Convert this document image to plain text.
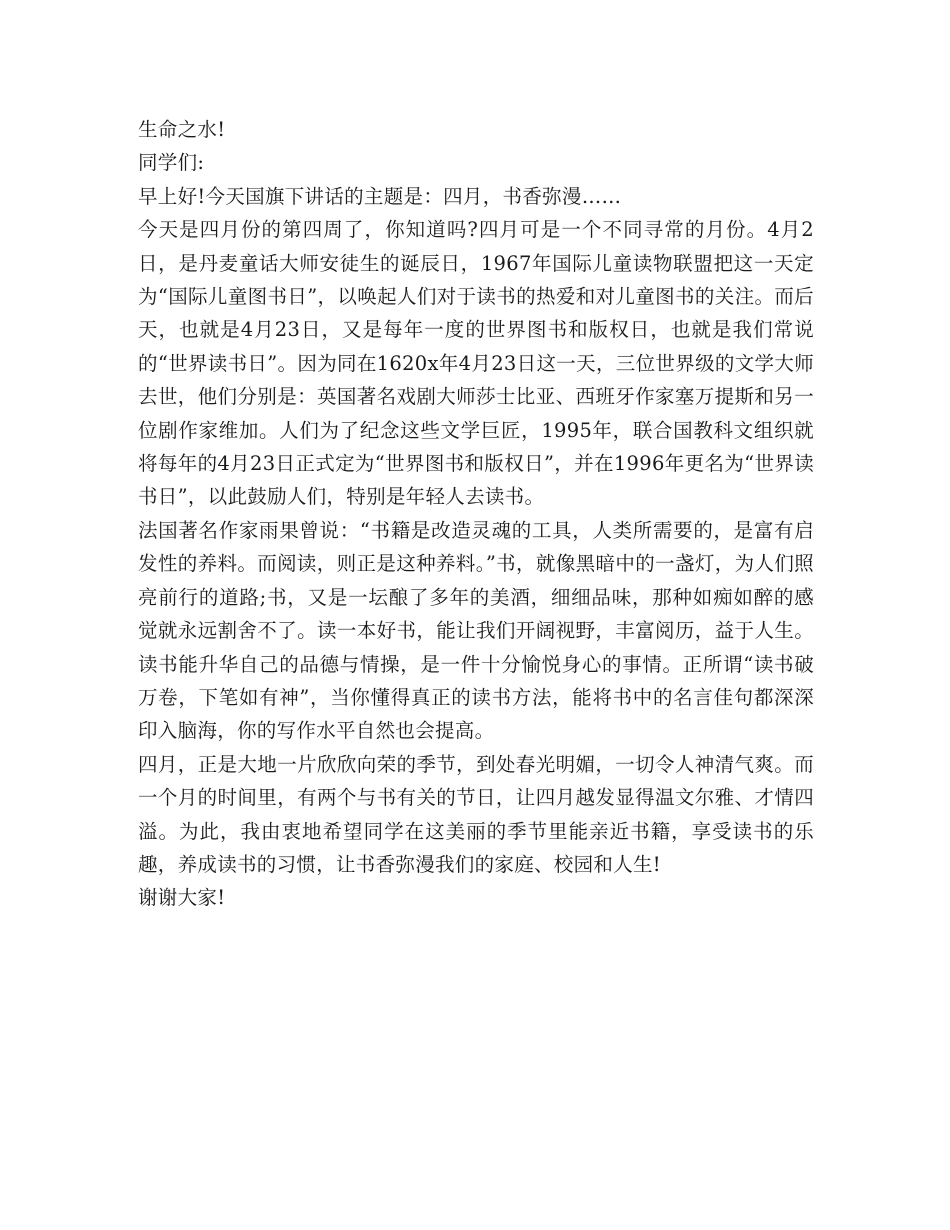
生命之水!

同学们:

早上好!今天国旗下讲话的主题是：四月，书香弥漫……

今天是四月份的第四周了，你知道吗?四月可是一个不同寻常的月份。4月2日，是丹麦童话大师安徒生的诞辰日，1967年国际儿童读物联盟把这一天定为“国际儿童图书日”，以唤起人们对于读书的热爱和对儿童图书的关注。而后天，也就是4月23日，又是每年一度的世界图书和版权日，也就是我们常说的“世界读书日”。因为同在1620x年4月23日这一天，三位世界级的文学大师去世，他们分别是：英国著名戏剧大师莎士比亚、西班牙作家塞万提斯和另一位剧作家维加。人们为了纪念这些文学巨匠，1995年，联合国教科文组织就将每年的4月23日正式定为“世界图书和版权日”，并在1996年更名为“世界读书日”，以此鼓励人们，特别是年轻人去读书。

法国著名作家雨果曾说：“书籍是改造灵魂的工具，人类所需要的，是富有启发性的养料。而阅读，则正是这种养料。”书，就像黑暗中的一盏灯，为人们照亮前行的道路;书，又是一坛酿了多年的美酒，细细品味，那种如痴如醉的感觉就永远割舍不了。读一本好书，能让我们开阔视野，丰富阅历，益于人生。读书能升华自己的品德与情操，是一件十分愉悦身心的事情。正所谓“读书破万卷，下笔如有神”，当你懂得真正的读书方法，能将书中的名言佳句都深深印入脑海，你的写作水平自然也会提高。

四月，正是大地一片欣欣向荣的季节，到处春光明媚，一切令人神清气爽。而一个月的时间里，有两个与书有关的节日，让四月越发显得温文尔雅、才情四溢。为此，我由衷地希望同学在这美丽的季节里能亲近书籍，享受读书的乐趣，养成读书的习惯，让书香弥漫我们的家庭、校园和人生!

谢谢大家!
